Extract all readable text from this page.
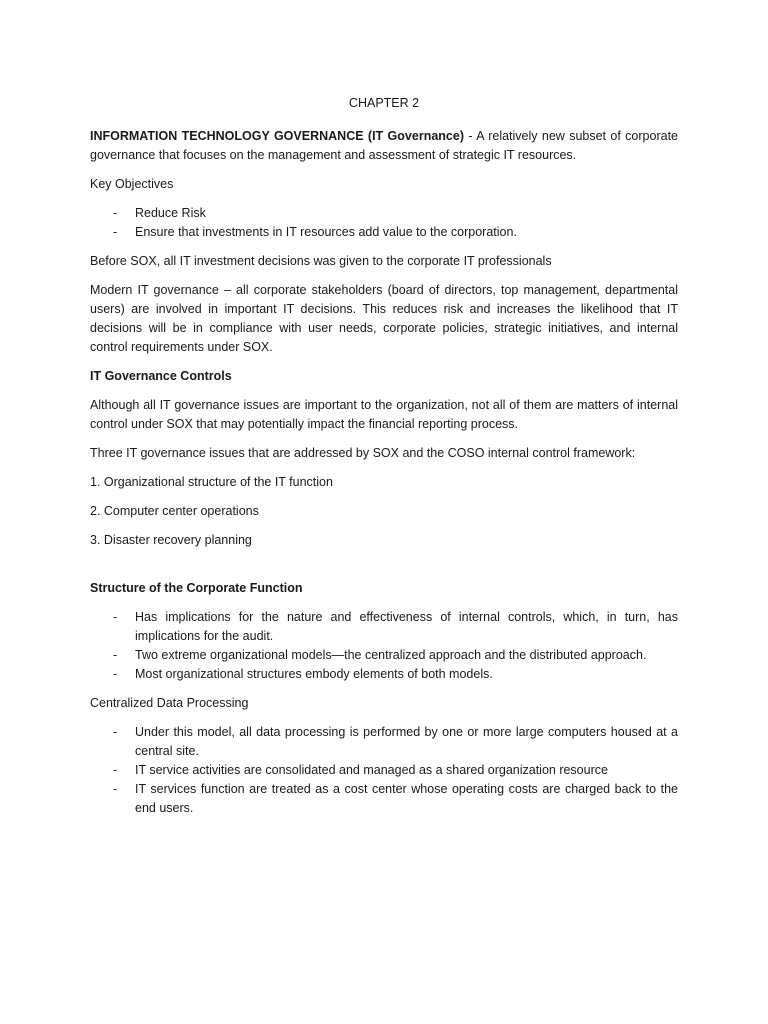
CHAPTER 2

INFORMATION TECHNOLOGY GOVERNANCE (IT Governance) - A relatively new subset of corporate governance that focuses on the management and assessment of strategic IT resources.

Key Objectives

- Reduce Risk
- Ensure that investments in IT resources add value to the corporation.

Before SOX, all IT investment decisions was given to the corporate IT professionals

Modern IT governance – all corporate stakeholders (board of directors, top management, departmental users) are involved in important IT decisions. This reduces risk and increases the likelihood that IT decisions will be in compliance with user needs, corporate policies, strategic initiatives, and internal control requirements under SOX.

IT Governance Controls

Although all IT governance issues are important to the organization, not all of them are matters of internal control under SOX that may potentially impact the financial reporting process.

Three IT governance issues that are addressed by SOX and the COSO internal control framework:

1. Organizational structure of the IT function

2. Computer center operations

3. Disaster recovery planning

Structure of the Corporate Function

- Has implications for the nature and effectiveness of internal controls, which, in turn, has implications for the audit.
- Two extreme organizational models—the centralized approach and the distributed approach.
- Most organizational structures embody elements of both models.

Centralized Data Processing

- Under this model, all data processing is performed by one or more large computers housed at a central site.
- IT service activities are consolidated and managed as a shared organization resource
- IT services function are treated as a cost center whose operating costs are charged back to the end users.
